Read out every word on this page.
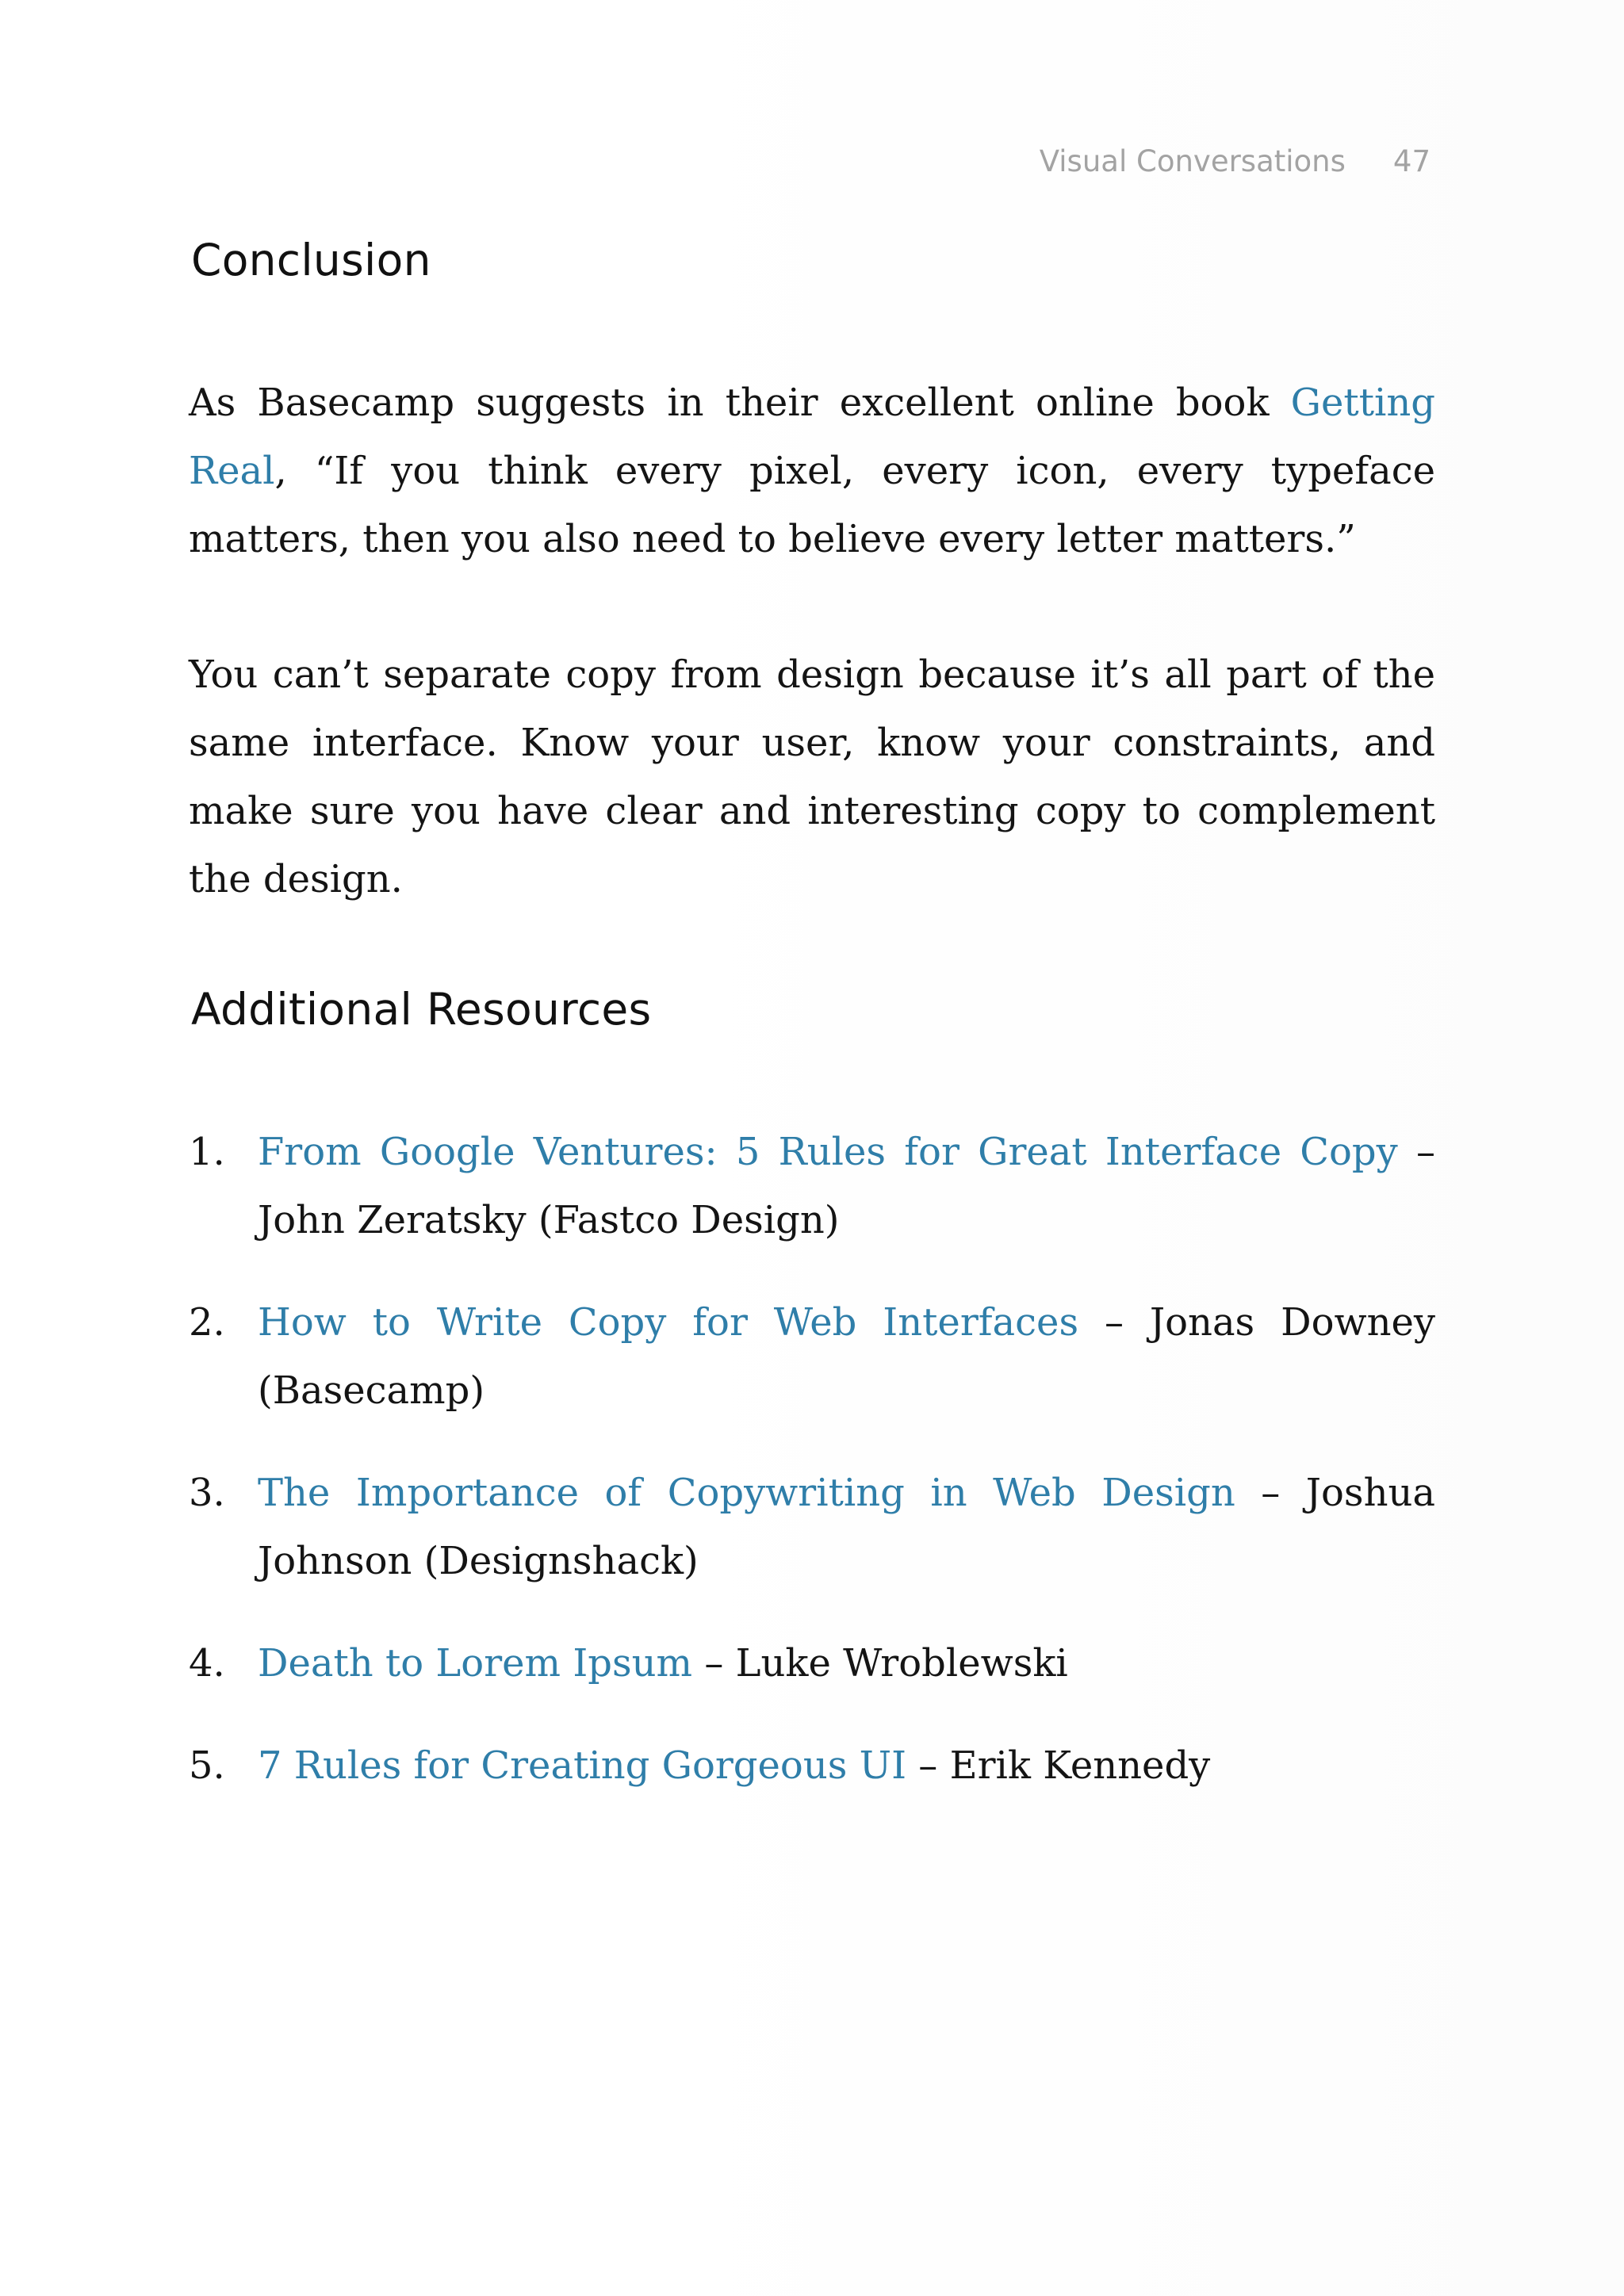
Visual Conversations 47
Conclusion

As Basecamp suggests in their excellent online book Getting Real, “If you think every pixel, every icon, every typeface matters, then you also need to believe every letter matters.”

You can’t separate copy from design because it’s all part of the same interface. Know your user, know your constraints, and make sure you have clear and interesting copy to complement the design.

Additional Resources
1. From Google Ventures: 5 Rules for Great Interface Copy – John Zeratsky (Fastco Design)
2. How to Write Copy for Web Interfaces – Jonas Downey (Basecamp)
3. The Importance of Copywriting in Web Design – Joshua Johnson (Designshack)
4. Death to Lorem Ipsum – Luke Wroblewski
5. 7 Rules for Creating Gorgeous UI – Erik Kennedy
